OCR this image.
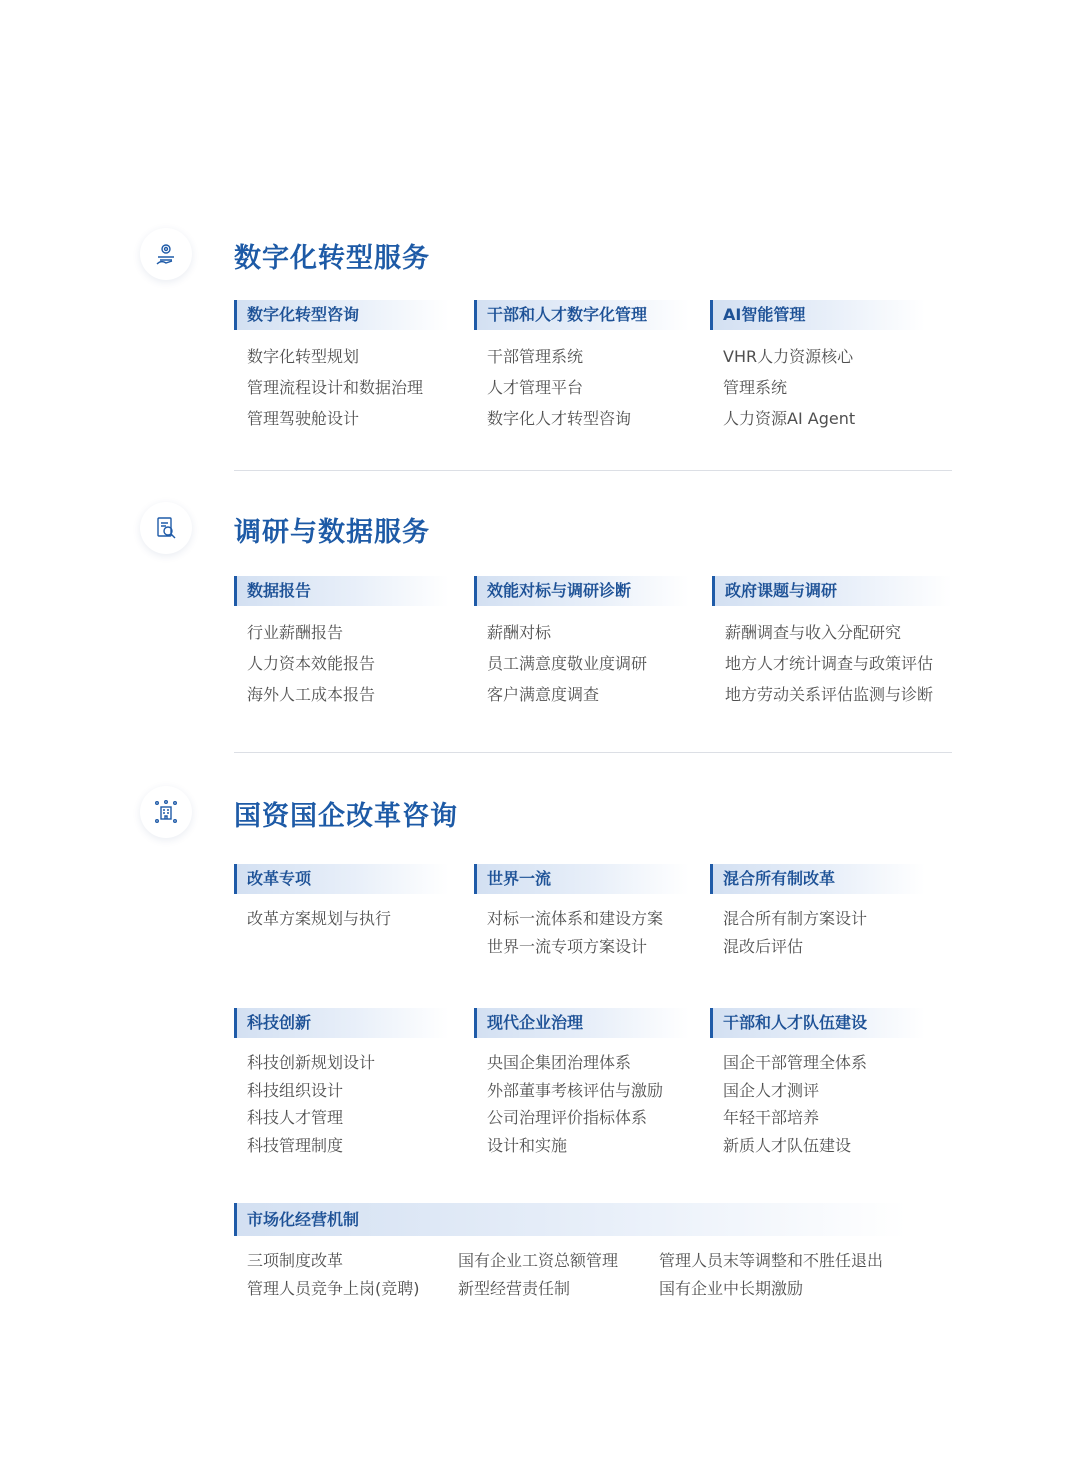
数字化转型服务
数字化转型咨询
数字化转型规划
管理流程设计和数据治理
管理驾驶舱设计
干部和人才数字化管理
干部管理系统
人才管理平台
数字化人才转型咨询
AI智能管理
VHR人力资源核心
管理系统
人力资源AI Agent
调研与数据服务
数据报告
行业薪酬报告
人力资本效能报告
海外人工成本报告
效能对标与调研诊断
薪酬对标
员工满意度敬业度调研
客户满意度调查
政府课题与调研
薪酬调查与收入分配研究
地方人才统计调查与政策评估
地方劳动关系评估监测与诊断
国资国企改革咨询
改革专项
改革方案规划与执行
世界一流
对标一流体系和建设方案
世界一流专项方案设计
混合所有制改革
混合所有制方案设计
混改后评估
科技创新
科技创新规划设计
科技组织设计
科技人才管理
科技管理制度
现代企业治理
央国企集团治理体系
外部董事考核评估与激励
公司治理评价指标体系
设计和实施
干部和人才队伍建设
国企干部管理全体系
国企人才测评
年轻干部培养
新质人才队伍建设
市场化经营机制
三项制度改革
管理人员竞争上岗(竞聘)
国有企业工资总额管理
新型经营责任制
管理人员末等调整和不胜任退出
国有企业中长期激励
